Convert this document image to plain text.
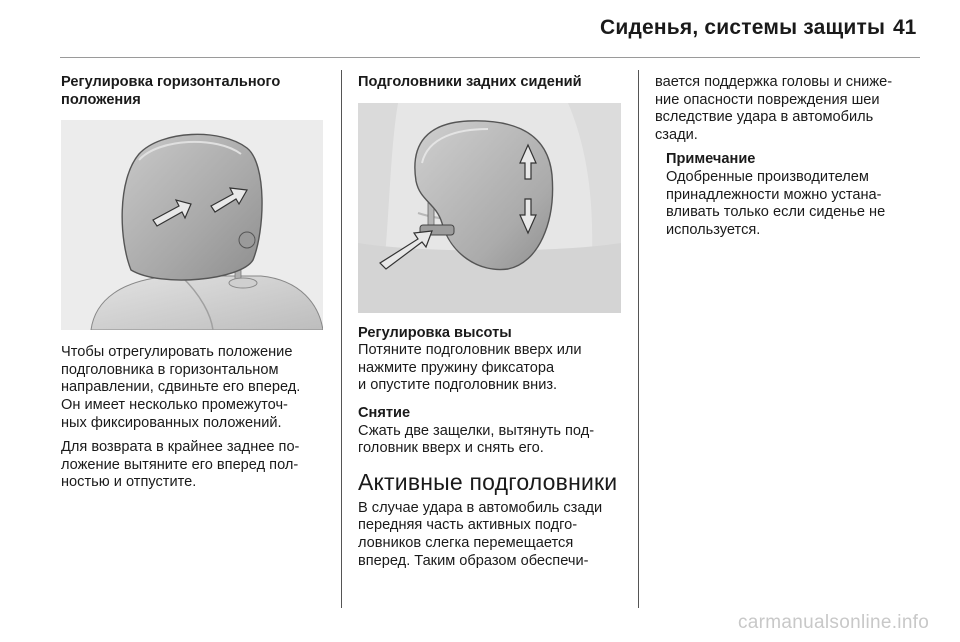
Сиденья, системы защиты 41
Регулировка горизонтального
положения

Чтобы отрегулировать положение
подголовника в горизонтальном
направлении, сдвиньте его вперед.
Он имеет несколько промежуточ-
ных фиксированных положений.

Для возврата в крайнее заднее по-
ложение вытяните его вперед пол-
ностью и отпустите.

Подголовники задних сидений
Регулировка высоты

Потяните подголовник вверх или
нажмите пружину фиксатора
и опустите подголовник вниз.

Снятие

Сжать две защелки, вытянуть под-
головник вверх и снять его.

Активные подголовники

В случае удара в автомобиль сзади
передняя часть активных подго-
ловников слегка перемещается
вперед. Таким образом обеспечи-

вается поддержка головы и сниже-
ние опасности повреждения шеи
вследствие удара в автомобиль
сзади.

Примечание

Одобренные производителем
принадлежности можно устана-
вливать только если сиденье не
используется.

carmanualsonline.info
